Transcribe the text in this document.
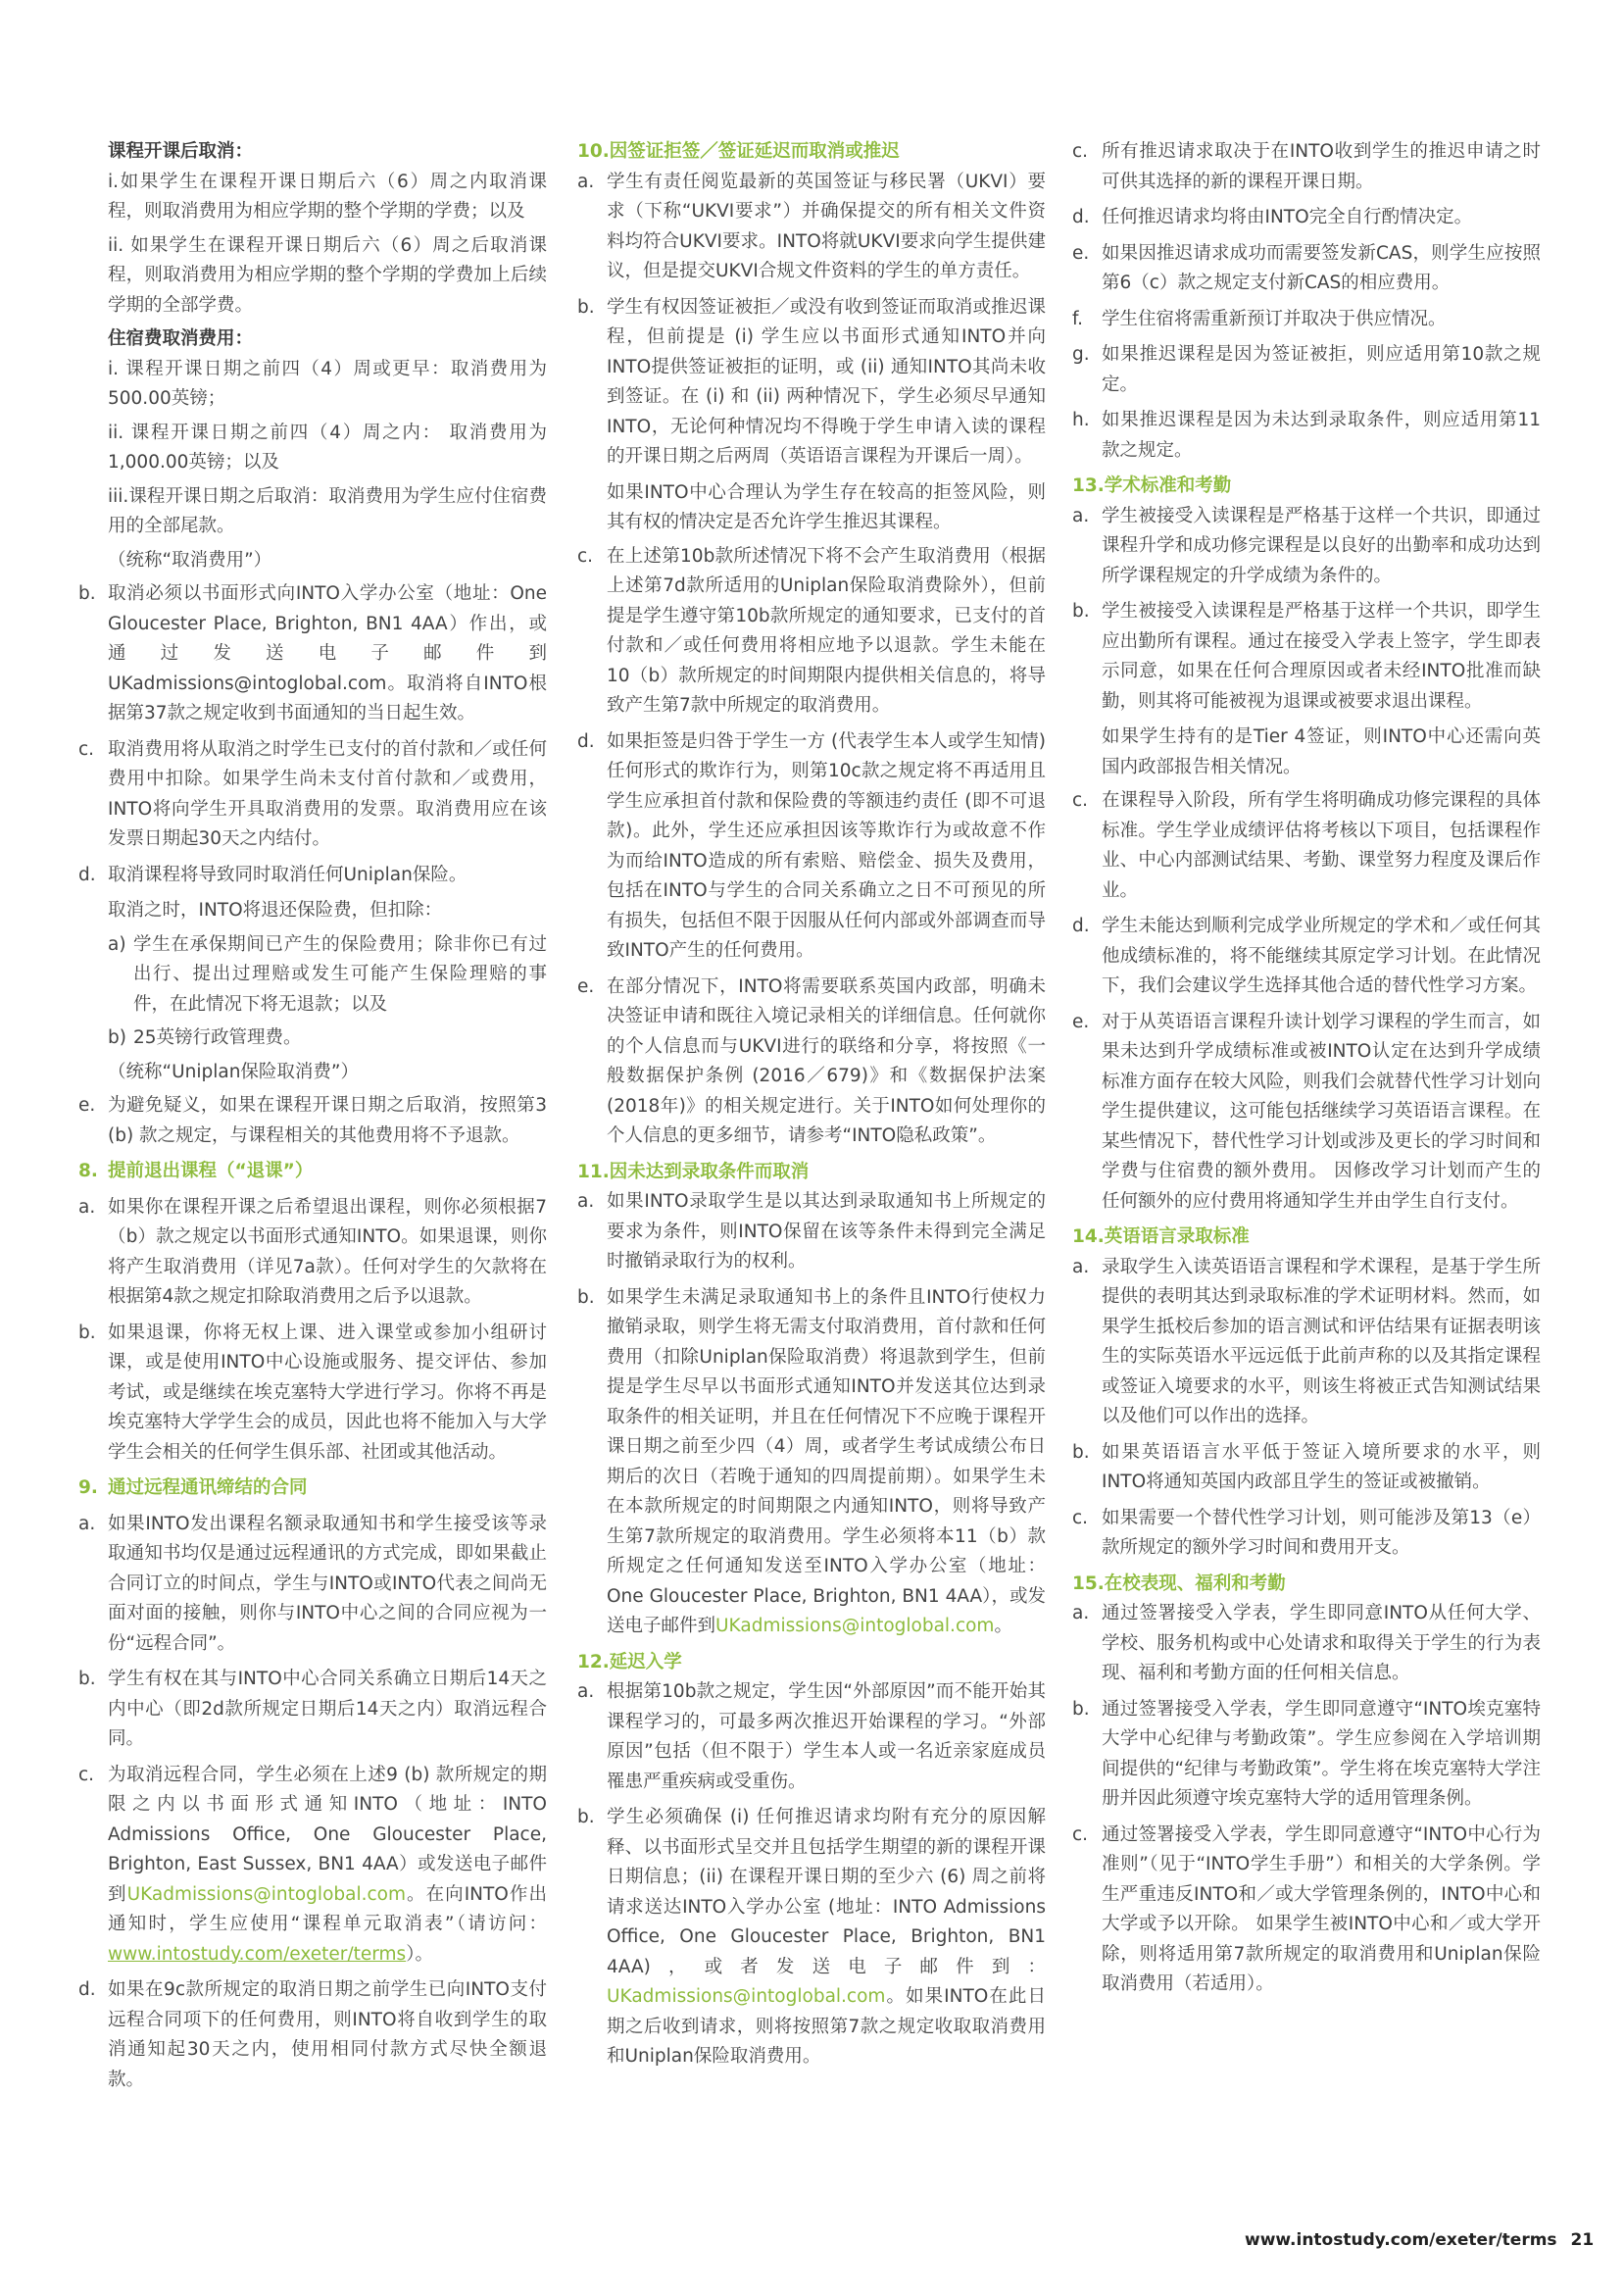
课程开课后取消：

i.如果学生在课程开课日期后六（6）周之内取消课程，则取消费用为相应学期的整个学期的学费；以及

ii. 如果学生在课程开课日期后六（6）周之后取消课程，则取消费用为相应学期的整个学期的学费加上后续学期的全部学费。

住宿费取消费用：

i. 课程开课日期之前四（4）周或更早：取消费用为500.00英镑；

ii. 课程开课日期之前四（4）周之内： 取消费用为1,000.00英镑；以及

iii.课程开课日期之后取消：取消费用为学生应付住宿费用的全部尾款。

（统称“取消费用”）

b. 取消必须以书面形式向INTO入学办公室（地址：One Gloucester Place, Brighton, BN1 4AA）作出，或通过发送电子邮件到UKadmissions@intoglobal.com。取消将自INTO根据第37款之规定收到书面通知的当日起生效。
c. 取消费用将从取消之时学生已支付的首付款和／或任何费用中扣除。如果学生尚未支付首付款和／或费用，INTO将向学生开具取消费用的发票。取消费用应在该发票日期起30天之内结付。
d. 取消课程将导致同时取消任何Uniplan保险。

取消之时，INTO将退还保险费，但扣除：

a) 学生在承保期间已产生的保险费用；除非你已有过出行、提出过理赔或发生可能产生保险理赔的事件，在此情况下将无退款；以及
b) 25英镑行政管理费。

（统称“Uniplan保险取消费”）

e. 为避免疑义，如果在课程开课日期之后取消，按照第3 (b) 款之规定，与课程相关的其他费用将不予退款。
8. 提前退出课程（“退课”）
a. 如果你在课程开课之后希望退出课程，则你必须根据7（b）款之规定以书面形式通知INTO。如果退课，则你将产生取消费用（详见7a款）。任何对学生的欠款将在根据第4款之规定扣除取消费用之后予以退款。
b. 如果退课，你将无权上课、进入课堂或参加小组研讨课，或是使用INTO中心设施或服务、提交评估、参加考试，或是继续在埃克塞特大学进行学习。你将不再是埃克塞特大学学生会的成员，因此也将不能加入与大学学生会相关的任何学生俱乐部、社团或其他活动。
9. 通过远程通讯缔结的合同
a. 如果INTO发出课程名额录取通知书和学生接受该等录取通知书均仅是通过远程通讯的方式完成，即如果截止合同订立的时间点，学生与INTO或INTO代表之间尚无面对面的接触，则你与INTO中心之间的合同应视为一份“远程合同”。
b. 学生有权在其与INTO中心合同关系确立日期后14天之内中心（即2d款所规定日期后14天之内）取消远程合同。
c. 为取消远程合同，学生必须在上述9 (b) 款所规定的期限之内以书面形式通知INTO（地址：INTO Admissions Office, One Gloucester Place, Brighton, East Sussex, BN1 4AA）或发送电子邮件到UKadmissions@intoglobal.com。在向INTO作出通知时，学生应使用“课程单元取消表”（请访问：www.intostudy.com/exeter/terms）。
d. 如果在9c款所规定的取消日期之前学生已向INTO支付远程合同项下的任何费用，则INTO将自收到学生的取消通知起30天之内，使用相同付款方式尽快全额退款。

10.因签证拒签／签证延迟而取消或推迟

a. 学生有责任阅览最新的英国签证与移民署（UKVI）要求（下称“UKVI要求”）并确保提交的所有相关文件资料均符合UKVI要求。INTO将就UKVI要求向学生提供建议，但是提交UKVI合规文件资料的学生的单方责任。
b. 学生有权因签证被拒／或没有收到签证而取消或推迟课程，但前提是 (i) 学生应以书面形式通知INTO并向INTO提供签证被拒的证明，或 (ii) 通知INTO其尚未收到签证。在 (i) 和 (ii) 两种情况下，学生必须尽早通知INTO，无论何种情况均不得晚于学生申请入读的课程的开课日期之后两周（英语语言课程为开课后一周）。

如果INTO中心合理认为学生存在较高的拒签风险，则其有权的情决定是否允许学生推迟其课程。

c. 在上述第10b款所述情况下将不会产生取消费用（根据上述第7d款所适用的Uniplan保险取消费除外），但前提是学生遵守第10b款所规定的通知要求，已支付的首付款和／或任何费用将相应地予以退款。学生未能在10（b）款所规定的时间期限内提供相关信息的，将导致产生第7款中所规定的取消费用。
d. 如果拒签是归咎于学生一方 (代表学生本人或学生知情) 任何形式的欺诈行为，则第10c款之规定将不再适用且学生应承担首付款和保险费的等额违约责任 (即不可退款)。此外，学生还应承担因该等欺诈行为或故意不作为而给INTO造成的所有索赔、赔偿金、损失及费用，包括在INTO与学生的合同关系确立之日不可预见的所有损失，包括但不限于因服从任何内部或外部调查而导致INTO产生的任何费用。
e. 在部分情况下，INTO将需要联系英国内政部，明确未决签证申请和既往入境记录相关的详细信息。任何就你的个人信息而与UKVI进行的联络和分享，将按照《一般数据保护条例 (2016／679)》和《数据保护法案 (2018年)》的相关规定进行。关于INTO如何处理你的个人信息的更多细节，请参考“INTO隐私政策”。

11.因未达到录取条件而取消

a. 如果INTO录取学生是以其达到录取通知书上所规定的要求为条件，则INTO保留在该等条件未得到完全满足时撤销录取行为的权利。
b. 如果学生未满足录取通知书上的条件且INTO行使权力撤销录取，则学生将无需支付取消费用，首付款和任何费用（扣除Uniplan保险取消费）将退款到学生，但前提是学生尽早以书面形式通知INTO并发送其位达到录取条件的相关证明，并且在任何情况下不应晚于课程开课日期之前至少四（4）周，或者学生考试成绩公布日期后的次日（若晚于通知的四周提前期）。如果学生未在本款所规定的时间期限之内通知INTO，则将导致产生第7款所规定的取消费用。学生必须将本11（b）款所规定之任何通知发送至INTO入学办公室（地址：One Gloucester Place, Brighton, BN1 4AA），或发送电子邮件到UKadmissions@intoglobal.com。

12.延迟入学

a. 根据第10b款之规定，学生因“外部原因”而不能开始其课程学习的，可最多两次推迟开始课程的学习。“外部原因”包括（但不限于）学生本人或一名近亲家庭成员罹患严重疾病或受重伤。
b. 学生必须确保 (i) 任何推迟请求均附有充分的原因解释、以书面形式呈交并且包括学生期望的新的课程开课日期信息；(ii) 在课程开课日期的至少六 (6) 周之前将请求送达INTO入学办公室 (地址：INTO Admissions Office, One Gloucester Place, Brighton, BN1 4AA)，或者发送电子邮件到：UKadmissions@intoglobal.com。如果INTO在此日期之后收到请求，则将按照第7款之规定收取取消费用和Uniplan保险取消费用。
c. 所有推迟请求取决于在INTO收到学生的推迟申请之时可供其选择的新的课程开课日期。
d. 任何推迟请求均将由INTO完全自行酌情决定。
e. 如果因推迟请求成功而需要签发新CAS，则学生应按照第6（c）款之规定支付新CAS的相应费用。
f. 学生住宿将需重新预订并取决于供应情况。
g. 如果推迟课程是因为签证被拒，则应适用第10款之规定。
h. 如果推迟课程是因为未达到录取条件，则应适用第11款之规定。

13.学术标准和考勤

a. 学生被接受入读课程是严格基于这样一个共识，即通过课程升学和成功修完课程是以良好的出勤率和成功达到所学课程规定的升学成绩为条件的。
b. 学生被接受入读课程是严格基于这样一个共识，即学生应出勤所有课程。通过在接受入学表上签字，学生即表示同意，如果在任何合理原因或者未经INTO批准而缺勤，则其将可能被视为退课或被要求退出课程。

如果学生持有的是Tier 4签证，则INTO中心还需向英国内政部报告相关情况。

c. 在课程导入阶段，所有学生将明确成功修完课程的具体标准。学生学业成绩评估将考核以下项目，包括课程作业、中心内部测试结果、考勤、课堂努力程度及课后作业。
d. 学生未能达到顺利完成学业所规定的学术和／或任何其他成绩标准的，将不能继续其原定学习计划。在此情况下，我们会建议学生选择其他合适的替代性学习方案。
e. 对于从英语语言课程升读计划学习课程的学生而言，如果未达到升学成绩标准或被INTO认定在达到升学成绩标准方面存在较大风险，则我们会就替代性学习计划向学生提供建议，这可能包括继续学习英语语言课程。在某些情况下，替代性学习计划或涉及更长的学习时间和学费与住宿费的额外费用。 因修改学习计划而产生的任何额外的应付费用将通知学生并由学生自行支付。

14.英语语言录取标准

a. 录取学生入读英语语言课程和学术课程，是基于学生所提供的表明其达到录取标准的学术证明材料。然而，如果学生抵校后参加的语言测试和评估结果有证据表明该生的实际英语水平远远低于此前声称的以及其指定课程或签证入境要求的水平，则该生将被正式告知测试结果以及他们可以作出的选择。
b. 如果英语语言水平低于签证入境所要求的水平，则INTO将通知英国内政部且学生的签证或被撤销。
c. 如果需要一个替代性学习计划，则可能涉及第13（e）款所规定的额外学习时间和费用开支。

15.在校表现、福利和考勤

a. 通过签署接受入学表，学生即同意INTO从任何大学、学校、服务机构或中心处请求和取得关于学生的行为表现、福利和考勤方面的任何相关信息。
b. 通过签署接受入学表，学生即同意遵守“INTO埃克塞特大学中心纪律与考勤政策”。学生应参阅在入学培训期间提供的“纪律与考勤政策”。学生将在埃克塞特大学注册并因此须遵守埃克塞特大学的适用管理条例。
c. 通过签署接受入学表，学生即同意遵守“INTO中心行为准则”（见于“INTO学生手册”）和相关的大学条例。学生严重违反INTO和／或大学管理条例的，INTO中心和大学或予以开除。 如果学生被INTO中心和／或大学开除，则将适用第7款所规定的取消费用和Uniplan保险取消费用（若适用）。
www.intostudy.com/exeter/terms 21
